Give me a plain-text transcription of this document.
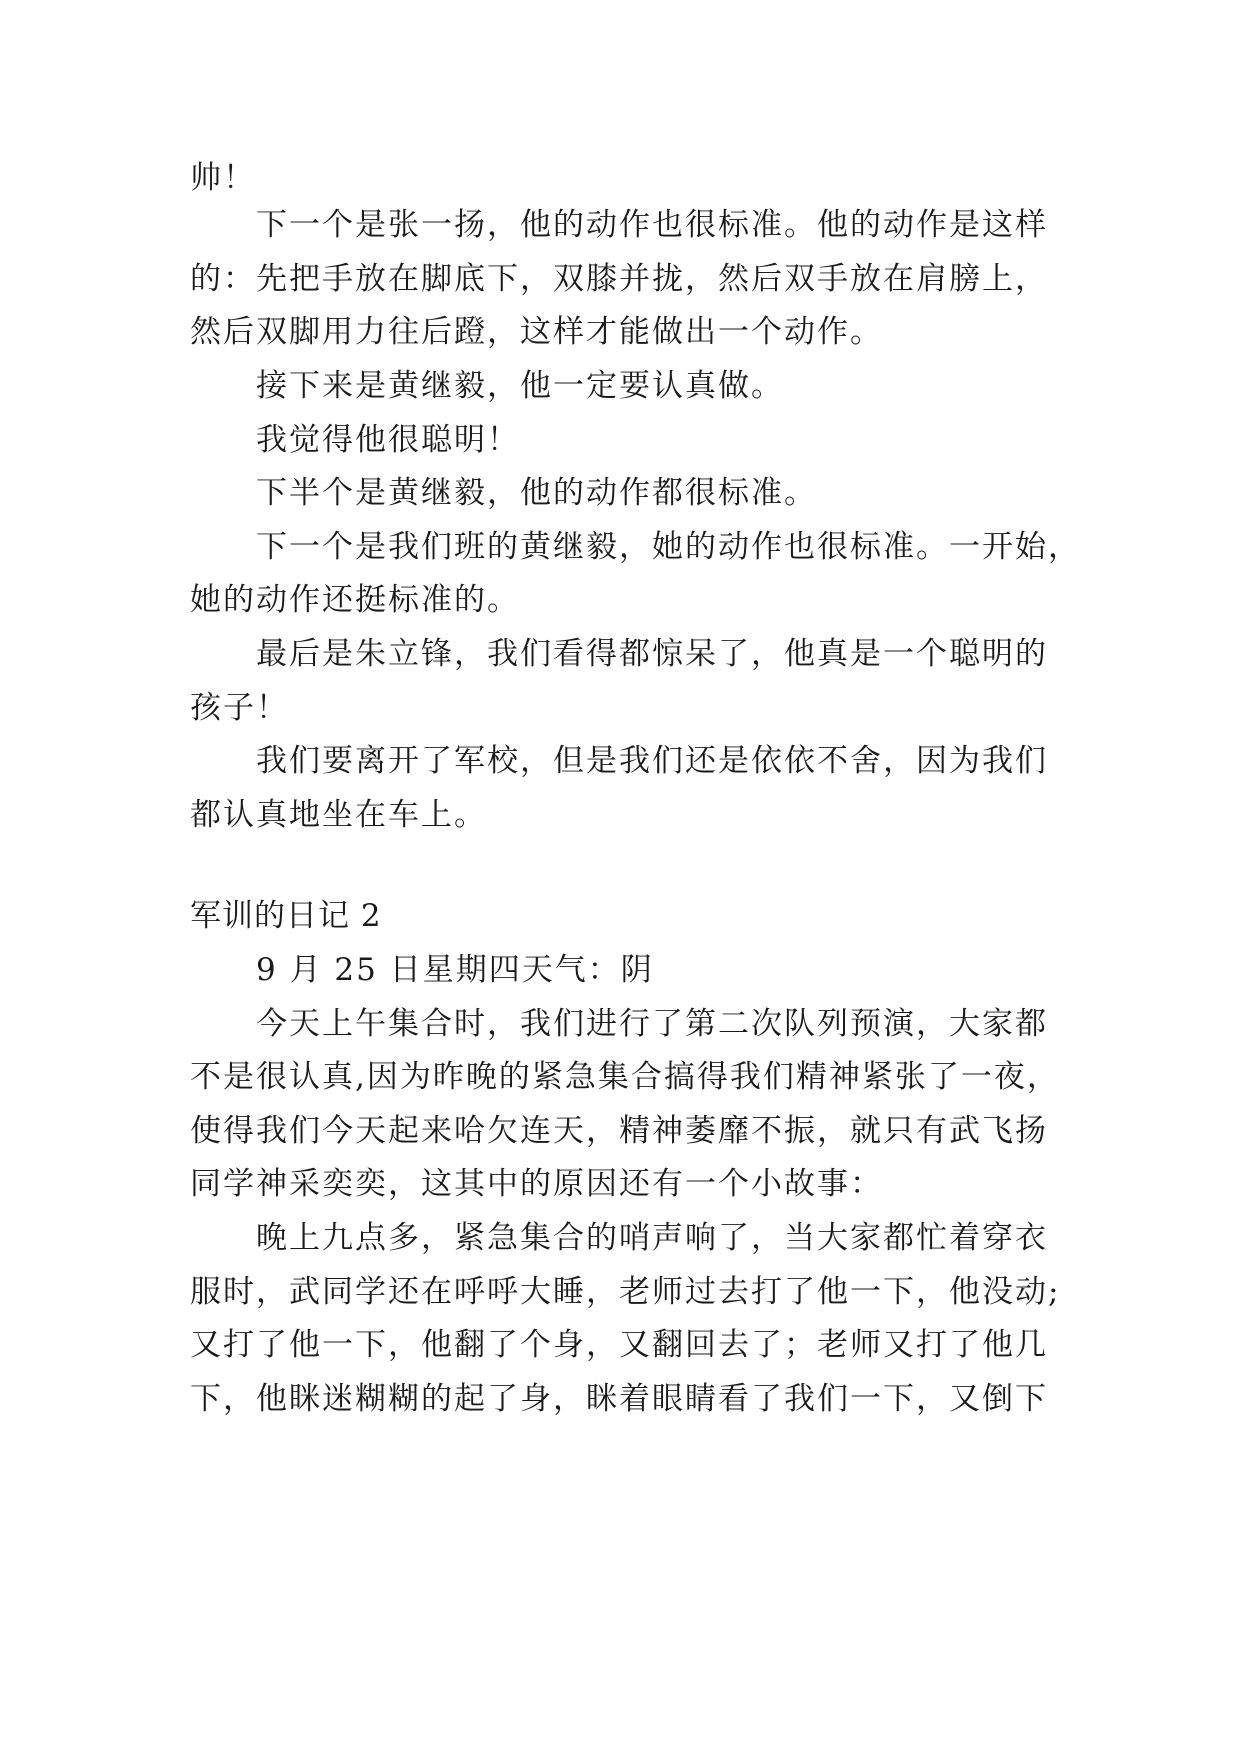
帅！
下一个是张一扬，他的动作也很标准。他的动作是这样
的：先把手放在脚底下，双膝并拢，然后双手放在肩膀上，
然后双脚用力往后蹬，这样才能做出一个动作。
接下来是黄继毅，他一定要认真做。
我觉得他很聪明！
下半个是黄继毅，他的动作都很标准。
下一个是我们班的黄继毅，她的动作也很标准。一开始，
她的动作还挺标准的。
最后是朱立锋，我们看得都惊呆了，他真是一个聪明的
孩子！
我们要离开了军校，但是我们还是依依不舍，因为我们
都认真地坐在车上。
军训的日记 2
9 月 25 日星期四天气：阴
今天上午集合时，我们进行了第二次队列预演，大家都
不是很认真,因为昨晚的紧急集合搞得我们精神紧张了一夜，
使得我们今天起来哈欠连天，精神萎靡不振，就只有武飞扬
同学神采奕奕，这其中的原因还有一个小故事：
晚上九点多，紧急集合的哨声响了，当大家都忙着穿衣
服时，武同学还在呼呼大睡，老师过去打了他一下，他没动;
又打了他一下，他翻了个身，又翻回去了；老师又打了他几
下，他眯迷糊糊的起了身，眯着眼睛看了我们一下，又倒下
